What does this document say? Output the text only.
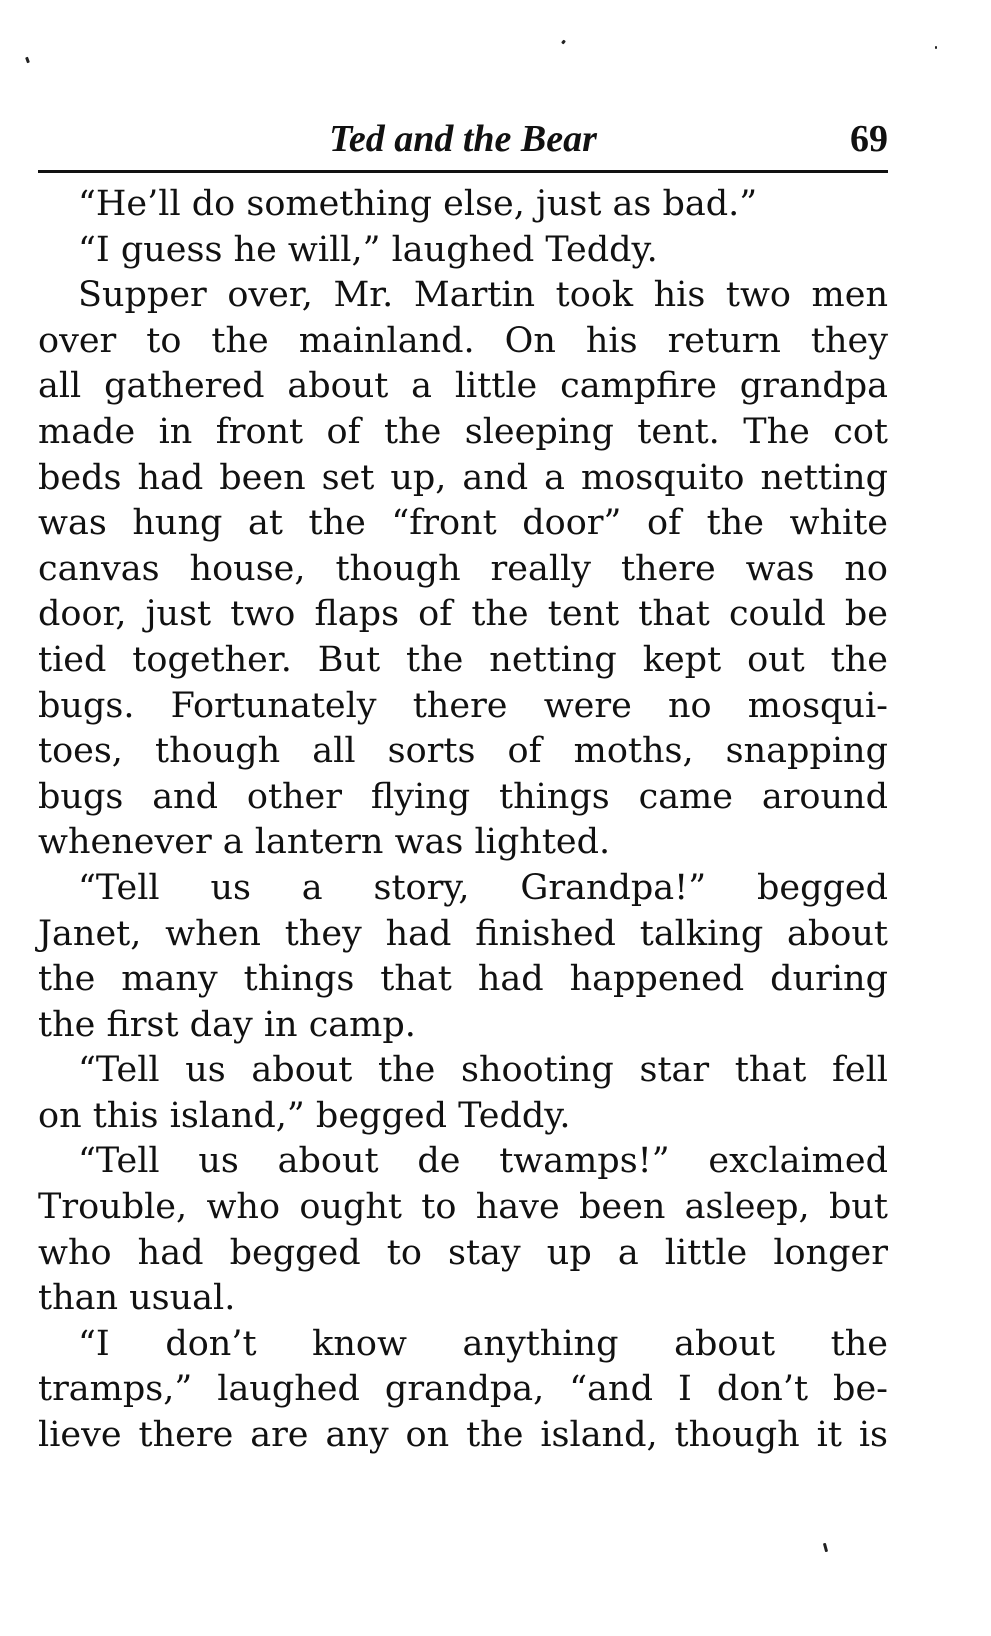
Ted and the Bear	69
“He’ll do something else, just as bad.”
“I guess he will,” laughed Teddy.
Supper over, Mr. Martin took his two men
over to the mainland. On his return they
all gathered about a little campfire grandpa
made in front of the sleeping tent. The cot
beds had been set up, and a mosquito netting
was hung at the “front door” of the white
canvas house, though really there was no
door, just two flaps of the tent that could be
tied together. But the netting kept out the
bugs. Fortunately there were no mosqui-
toes, though all sorts of moths, snapping
bugs and other flying things came around
whenever a lantern was lighted.
“Tell us a story, Grandpa!” begged
Janet, when they had finished talking about
the many things that had happened during
the first day in camp.
“Tell us about the shooting star that fell
on this island,” begged Teddy.
“Tell us about de twamps!” exclaimed
Trouble, who ought to have been asleep, but
who had begged to stay up a little longer
than usual.
“I don’t know anything about the
tramps,” laughed grandpa, “and I don’t be-
lieve there are any on the island, though it is
